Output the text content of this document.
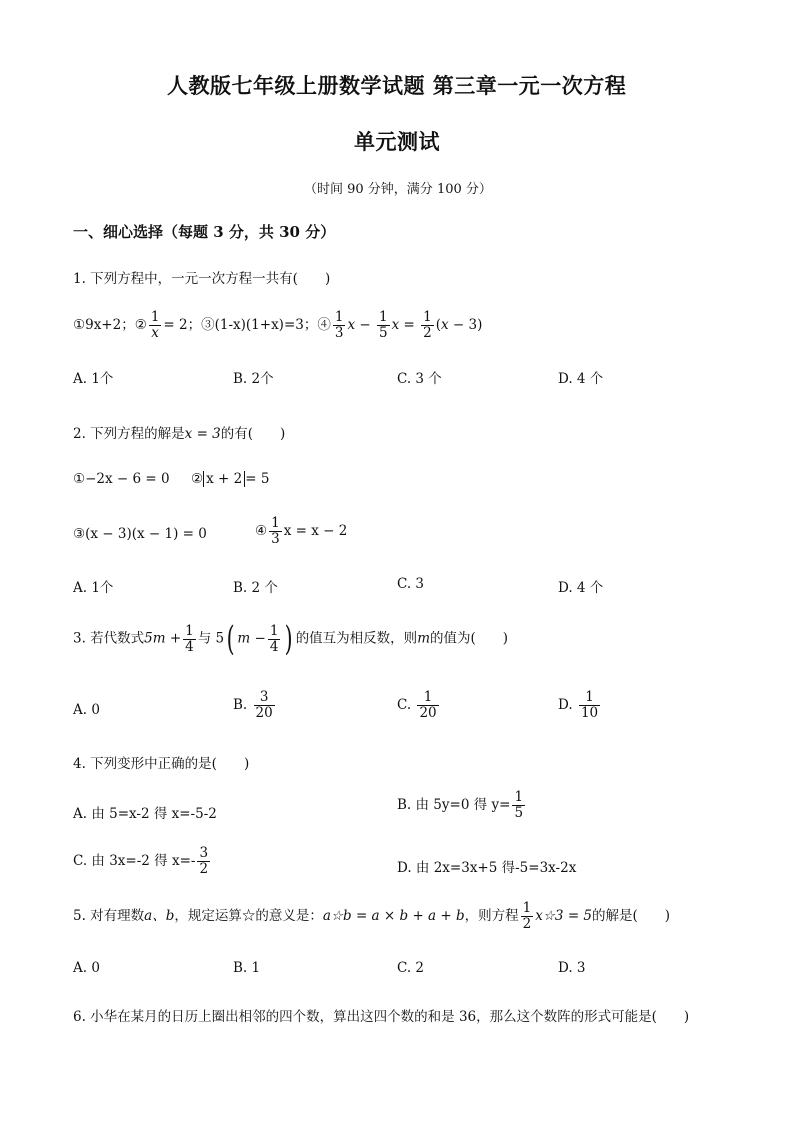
人教版七年级上册数学试题 第三章一元一次方程
单元测试
（时间 90 分钟，满分 100 分）
一、细心选择（每题 3 分，共 30 分）
1. 下列方程中，一元一次方程一共有(　　)
①9x+2；② $\frac{1}{x} = 2$；③(1-x)(1+x)=3；④ $\frac{1}{3}$ $x - \frac{1}{5}$ $x = \frac{1}{2} (x - 3)$
A. 1个	B. 2个	C. 3 个	D. 4 个
2. 下列方程的解是x = 3的有(　　)
①−2x − 6 = 0 ② x + 2 = 5
③(x − 3)(x − 1) = 0	④ $\frac{1}{3}$ x = x − 2
A. 1个	B. 2 个	C. 3	D. 4 个
3. 若代数式$5m + \frac{1}{4}$ 与 5( $m - \frac{1}{4}$ ) 的值互为相反数，则m的值为(　　)
A. 0	B. $\frac{3}{20}$	C. $\frac{1}{20}$	D. $\frac{1}{10}$
4. 下列变形中正确的是(　　)
A. 由 5=x-2 得 x=-5-2
B. 由 5y=0 得 $y= \frac{1}{5}$
C. 由 3x=-2 得 $x=- \frac{3}{2}$	D. 由 2x=3x+5 得-5=3x-2x
5. 对有理数a、b，规定运算☆的意义是：a☆b = a × b + a + b，则方程 $\frac{1}{2}$ x☆3 = 5的解是(　　)
A. 0	B. 1	C. 2	D. 3
6. 小华在某月的日历上圈出相邻的四个数，算出这四个数的和是 36，那么这个数阵的形式可能是(　　)
